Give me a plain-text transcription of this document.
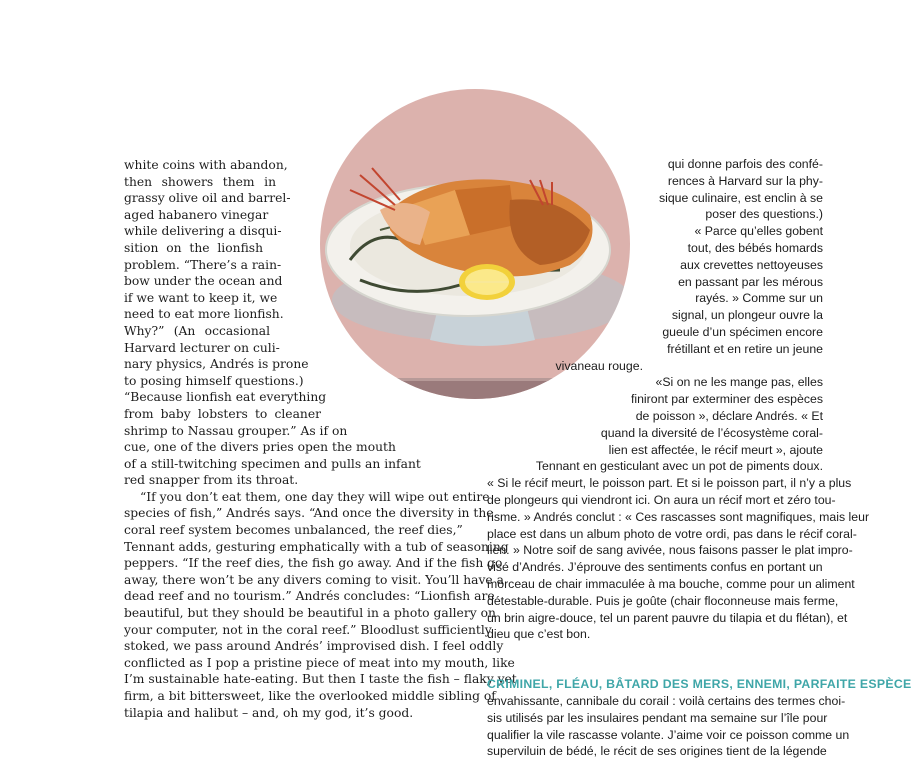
white coins with abandon,
then showers them in
grassy olive oil and barrel-
aged habanero vinegar
while delivering a disqui-
sition on the lionfish
problem. “There’s a rain-
bow under the ocean and
if we want to keep it, we
need to eat more lionfish.
Why?” (An occasional
Harvard lecturer on culi-
nary physics, Andrés is prone
to posing himself questions.)
“Because lionfish eat everything
from baby lobsters to cleaner
shrimp to Nassau grouper.” As if on
cue, one of the divers pries open the mouth
of a still-twitching specimen and pulls an infant
red snapper from its throat.
“If you don’t eat them, one day they will wipe out entire
species of fish,” Andrés says. “And once the diversity in the
coral reef system becomes unbalanced, the reef dies,”
Tennant adds, gesturing emphatically with a tub of seasoning
peppers. “If the reef dies, the fish go away. And if the fish go
away, there won’t be any divers coming to visit. You’ll have a
dead reef and no tourism.” Andrés concludes: “Lionfish are
beautiful, but they should be beautiful in a photo gallery on
your computer, not in the coral reef.” Bloodlust sufficiently
stoked, we pass around Andrés’ improvised dish. I feel oddly
conflicted as I pop a pristine piece of meat into my mouth, like
I’m sustainable hate-eating. But then I taste the fish – flaky yet
firm, a bit bittersweet, like the overlooked middle sibling of
tilapia and halibut – and, oh my god, it’s good.
qui donne parfois des confé-
rences à Harvard sur la phy-
sique culinaire, est enclin à se
poser des questions.)
« Parce qu’elles gobent
tout, des bébés homards
aux crevettes nettoyeuses
en passant par les mérous
rayés. » Comme sur un
signal, un plongeur ouvre la
gueule d’un spécimen encore
frétillant et en retire un jeune
vivaneau rouge.
«Si on ne les mange pas, elles
finiront par exterminer des espèces
de poisson », déclare Andrés. « Et
quand la diversité de l’écosystème coral-
lien est affectée, le récif meurt », ajoute
Tennant en gesticulant avec un pot de piments doux.
« Si le récif meurt, le poisson part. Et si le poisson part, il n’y a plus
de plongeurs qui viendront ici. On aura un récif mort et zéro tou-
risme. » Andrés conclut : « Ces rascasses sont magnifiques, mais leur
place est dans un album photo de votre ordi, pas dans le récif coral-
lien. » Notre soif de sang avivée, nous faisons passer le plat impro-
visé d’Andrés. J’éprouve des sentiments confus en portant un
morceau de chair immaculée à ma bouche, comme pour un aliment
détestable-durable. Puis je goûte (chair floconneuse mais ferme,
un brin aigre-douce, tel un parent pauvre du tilapia et du flétan), et
dieu que c’est bon.
CRIMINEL, FLÉAU, BÂTARD DES MERS, ENNEMI, PARFAITE ESPÈCE
envahissante, cannibale du corail : voilà certains des termes choi-
sis utilisés par les insulaires pendant ma semaine sur l’île pour
qualifier la vile rascasse volante. J’aime voir ce poisson comme un
superviluin de bédé, le récit de ses origines tient de la légende
